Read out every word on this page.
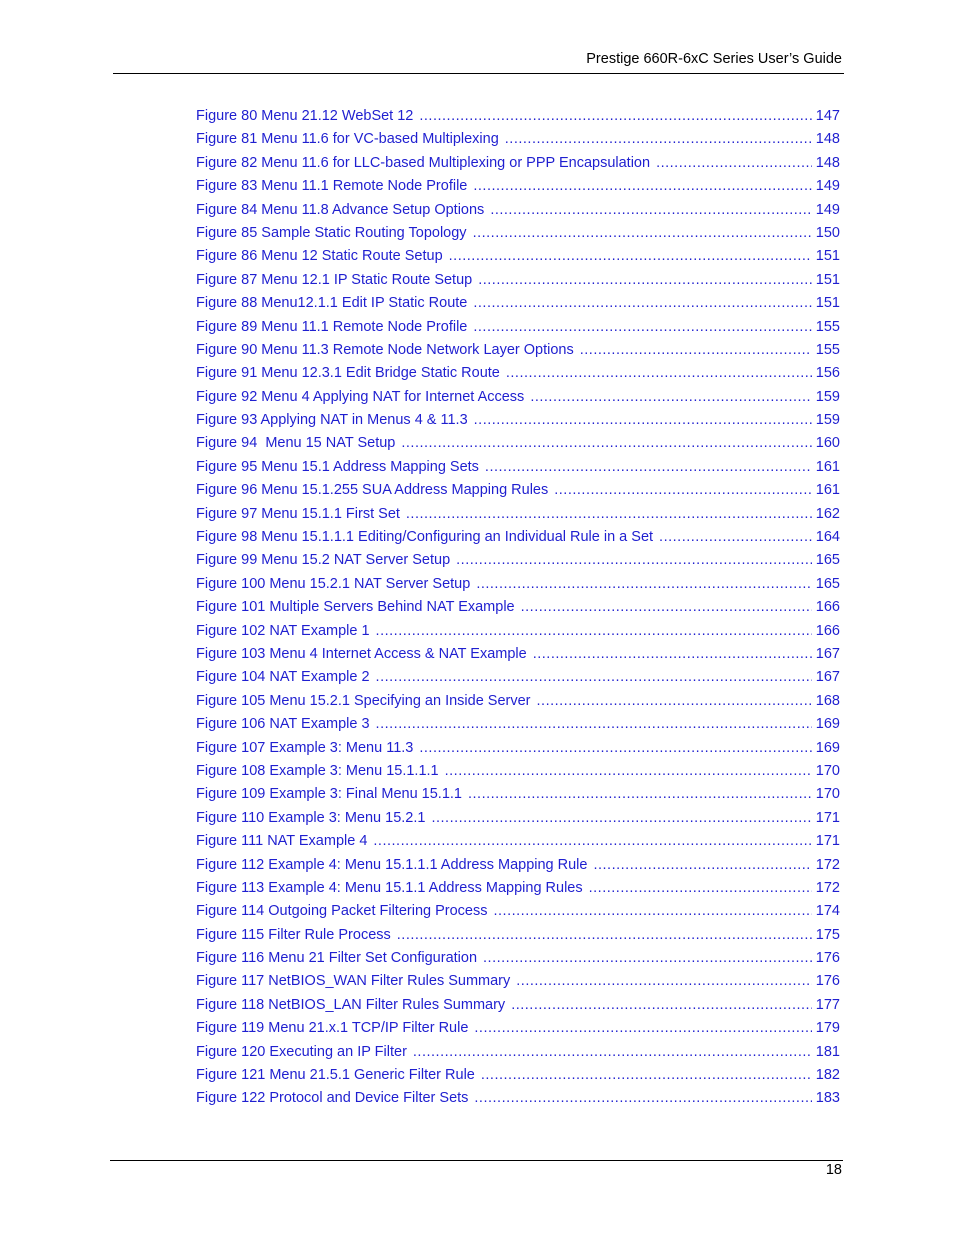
Prestige 660R-6xC Series User’s Guide
Figure 80 Menu 21.12 WebSet 12 .....	147
Figure 81 Menu 11.6 for VC-based Multiplexing .....	148
Figure 82 Menu 11.6 for LLC-based Multiplexing or PPP Encapsulation .....	148
Figure 83 Menu 11.1 Remote Node Profile .....	149
Figure 84 Menu 11.8 Advance Setup Options .....	149
Figure 85 Sample Static Routing Topology .....	150
Figure 86 Menu 12 Static Route Setup .....	151
Figure 87 Menu 12.1 IP Static Route Setup .....	151
Figure 88 Menu12.1.1 Edit IP Static Route .....	151
Figure 89 Menu 11.1 Remote Node Profile .....	155
Figure 90 Menu 11.3 Remote Node Network Layer Options .....	155
Figure 91 Menu 12.3.1 Edit Bridge Static Route .....	156
Figure 92 Menu 4 Applying NAT for Internet Access .....	159
Figure 93 Applying NAT in Menus 4 & 11.3 .....	159
Figure 94  Menu 15 NAT Setup .....	160
Figure 95 Menu 15.1 Address Mapping Sets .....	161
Figure 96 Menu 15.1.255 SUA Address Mapping Rules .....	161
Figure 97 Menu 15.1.1 First Set .....	162
Figure 98 Menu 15.1.1.1 Editing/Configuring an Individual Rule in a Set .....	164
Figure 99 Menu 15.2 NAT Server Setup .....	165
Figure 100 Menu 15.2.1 NAT Server Setup .....	165
Figure 101 Multiple Servers Behind NAT Example .....	166
Figure 102 NAT Example 1 .....	166
Figure 103 Menu 4 Internet Access & NAT Example .....	167
Figure 104 NAT Example 2 .....	167
Figure 105 Menu 15.2.1 Specifying an Inside Server .....	168
Figure 106 NAT Example 3 .....	169
Figure 107 Example 3: Menu 11.3 .....	169
Figure 108 Example 3: Menu 15.1.1.1 .....	170
Figure 109 Example 3: Final Menu 15.1.1 .....	170
Figure 110 Example 3: Menu 15.2.1 .....	171
Figure 111 NAT Example 4 .....	171
Figure 112 Example 4: Menu 15.1.1.1 Address Mapping Rule .....	172
Figure 113 Example 4: Menu 15.1.1 Address Mapping Rules .....	172
Figure 114 Outgoing Packet Filtering Process .....	174
Figure 115 Filter Rule Process .....	175
Figure 116 Menu 21 Filter Set Configuration .....	176
Figure 117 NetBIOS_WAN Filter Rules Summary .....	176
Figure 118 NetBIOS_LAN Filter Rules Summary .....	177
Figure 119 Menu 21.x.1 TCP/IP Filter Rule .....	179
Figure 120 Executing an IP Filter .....	181
Figure 121 Menu 21.5.1 Generic Filter Rule .....	182
Figure 122 Protocol and Device Filter Sets .....	183
18
